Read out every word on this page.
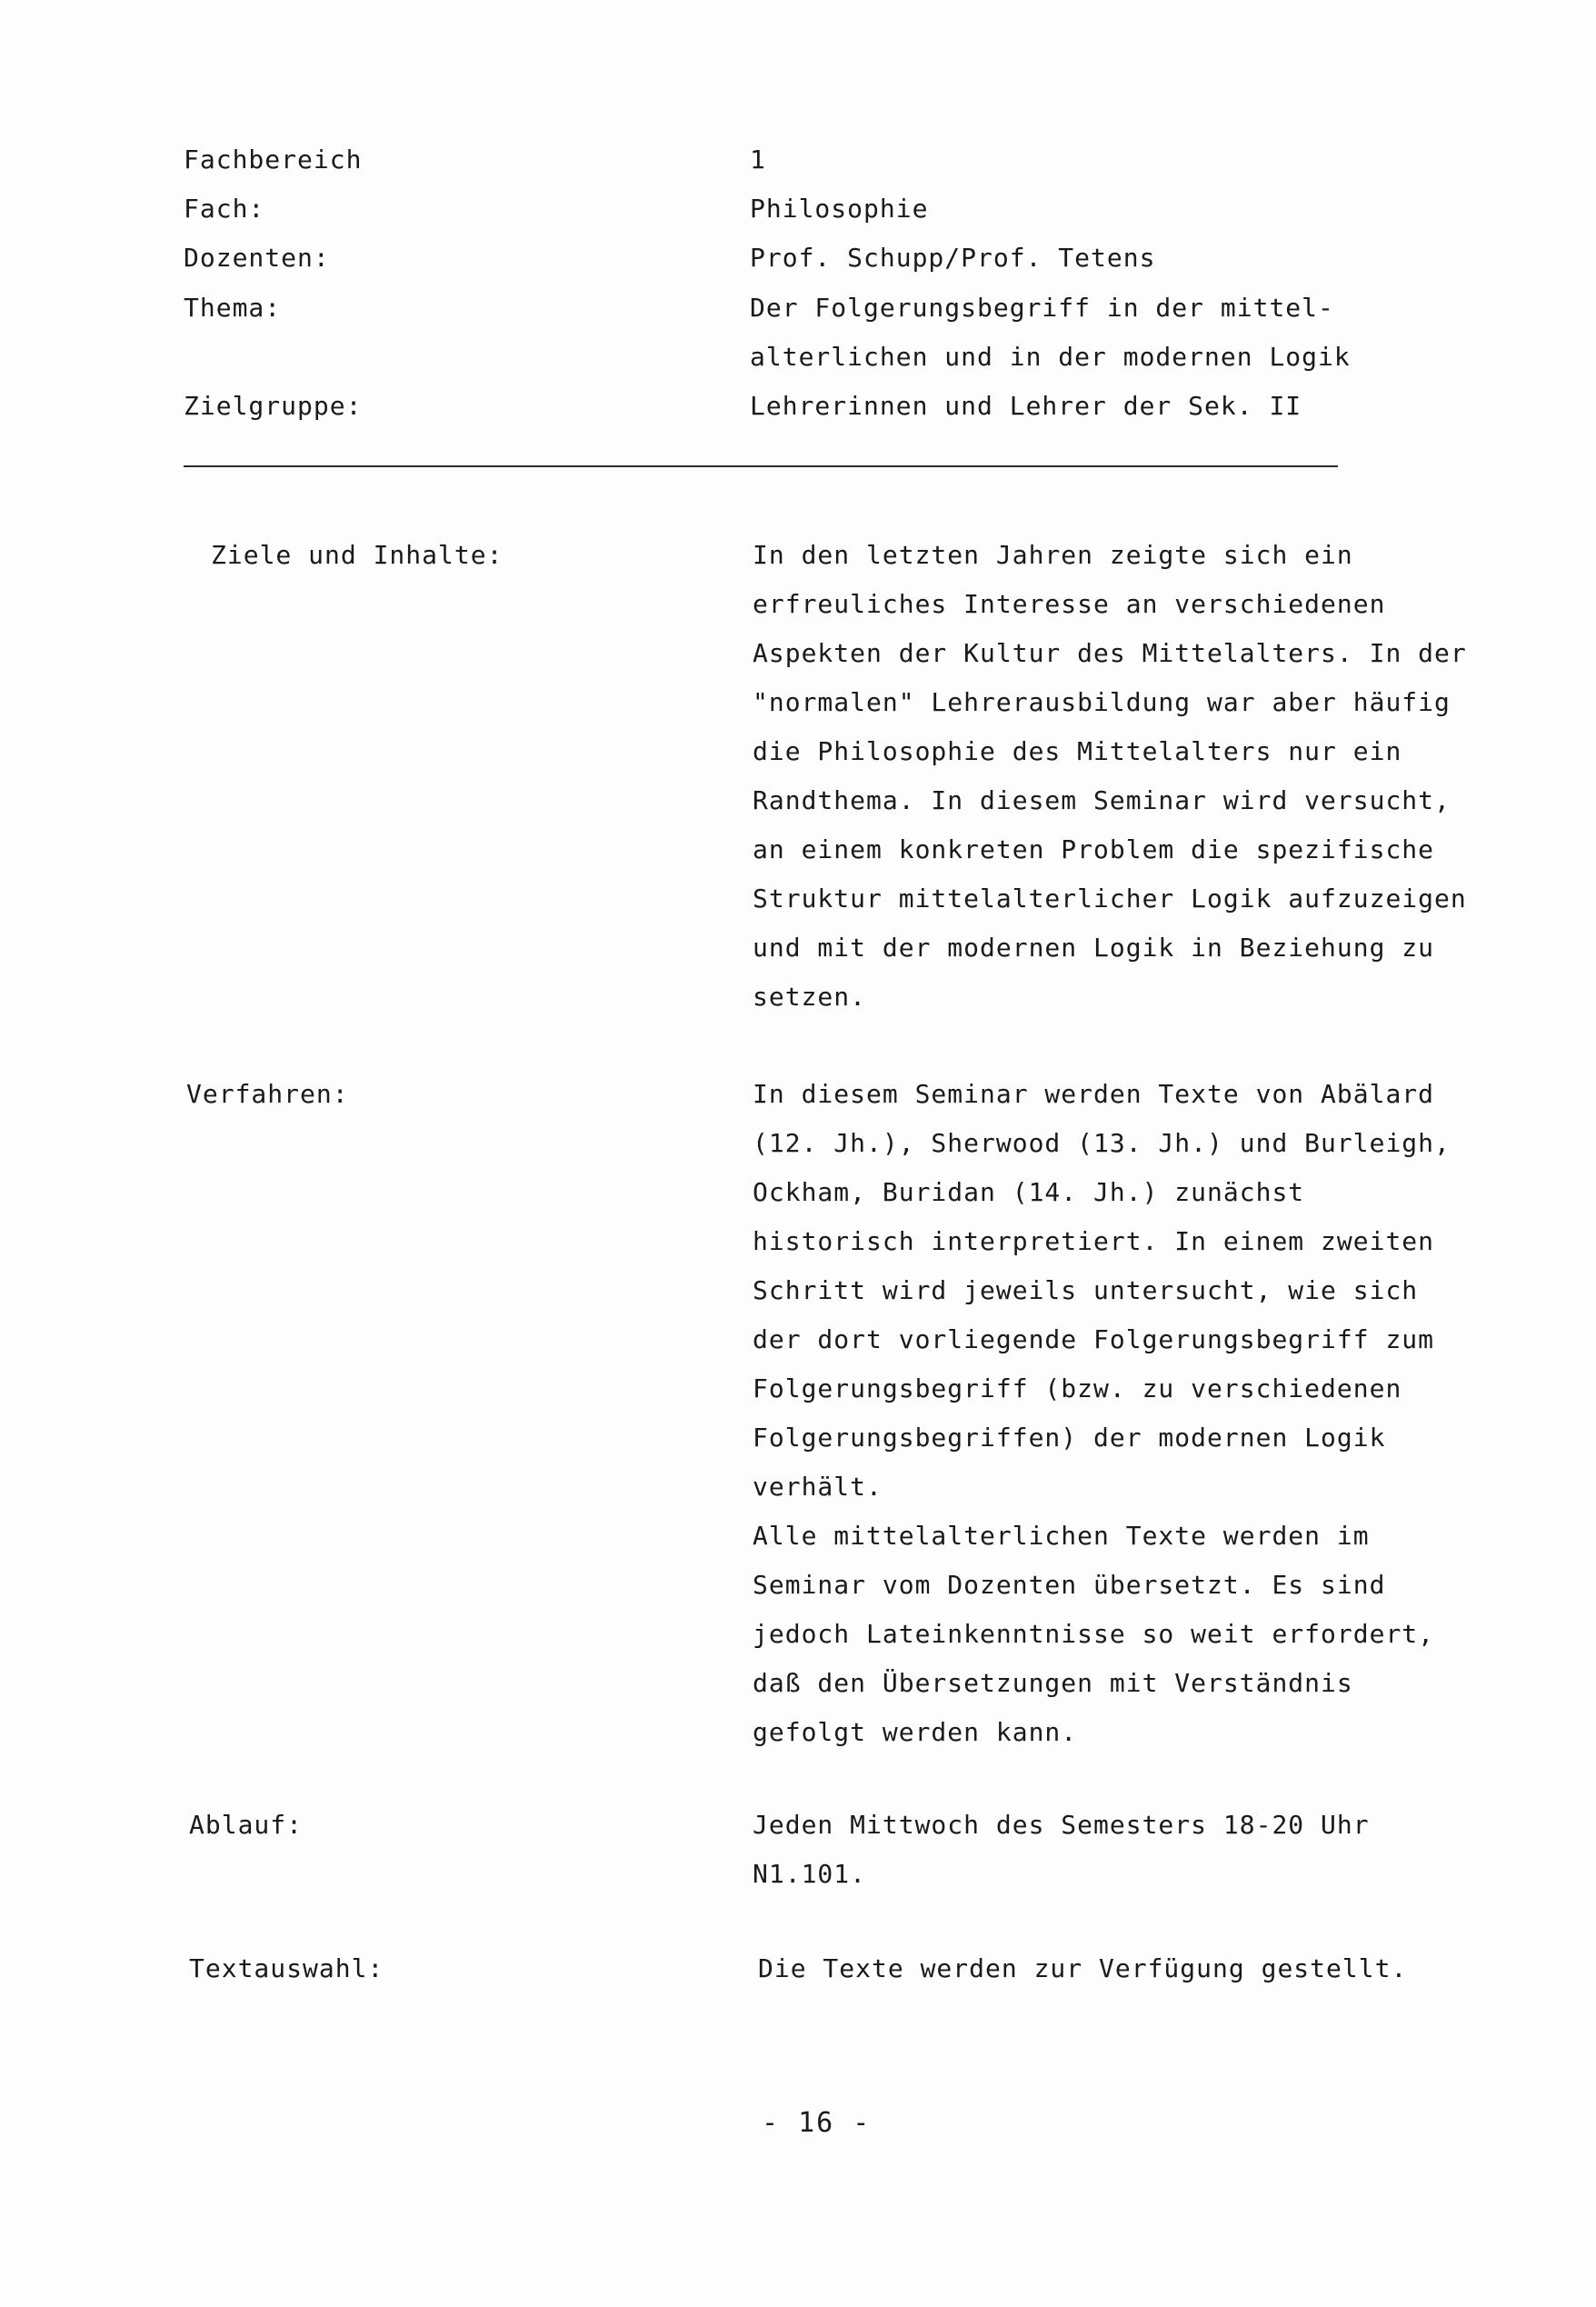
Fachbereich	1
Fach:	Philosophie
Dozenten:	Prof. Schupp/Prof. Tetens
Thema:	Der Folgerungsbegriff in der mittel-
alterlichen und in der modernen Logik
Zielgruppe:	Lehrerinnen und Lehrer der Sek. II
Ziele und Inhalte:	In den letzten Jahren zeigte sich ein
erfreuliches Interesse an verschiedenen
Aspekten der Kultur des Mittelalters. In der
"normalen" Lehrerausbildung war aber häufig
die Philosophie des Mittelalters nur ein
Randthema. In diesem Seminar wird versucht,
an einem konkreten Problem die spezifische
Struktur mittelalterlicher Logik aufzuzeigen
und mit der modernen Logik in Beziehung zu
setzen.
Verfahren:	In diesem Seminar werden Texte von Abälard
(12. Jh.), Sherwood (13. Jh.) und Burleigh,
Ockham, Buridan (14. Jh.) zunächst
historisch interpretiert. In einem zweiten
Schritt wird jeweils untersucht, wie sich
der dort vorliegende Folgerungsbegriff zum
Folgerungsbegriff (bzw. zu verschiedenen
Folgerungsbegriffen) der modernen Logik
verhält.
Alle mittelalterlichen Texte werden im
Seminar vom Dozenten übersetzt. Es sind
jedoch Lateinkenntnisse so weit erfordert,
daß den Übersetzungen mit Verständnis
gefolgt werden kann.
Ablauf:	Jeden Mittwoch des Semesters 18-20 Uhr
N1.101.
Textauswahl:	Die Texte werden zur Verfügung gestellt.
- 16 -
